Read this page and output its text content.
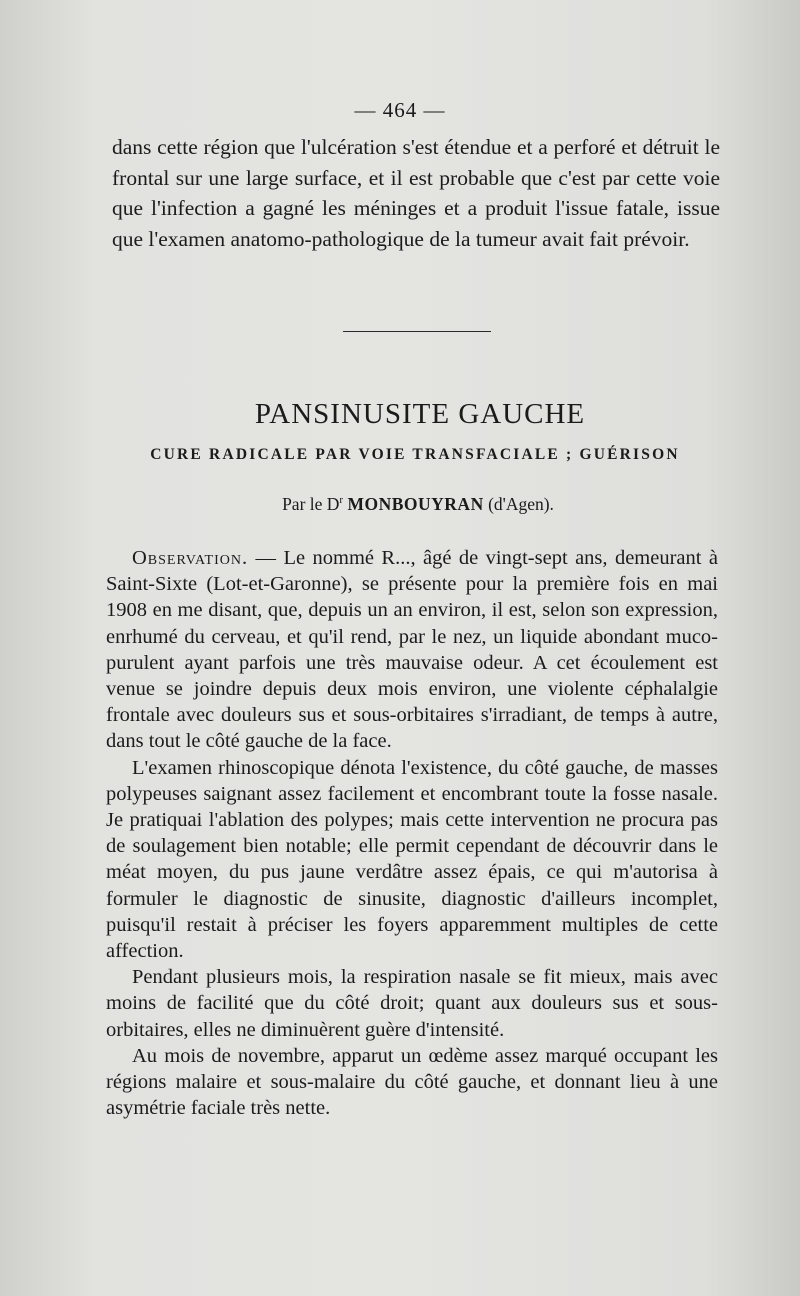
— 464 —

dans cette région que l'ulcération s'est étendue et a perforé et détruit le frontal sur une large surface, et il est probable que c'est par cette voie que l'infection a gagné les méninges et a produit l'issue fatale, issue que l'examen anatomo-pathologique de la tumeur avait fait prévoir.

PANSINUSITE GAUCHE
CURE RADICALE PAR VOIE TRANSFACIALE ; GUÉRISON
Par le $D^r$ MONBOUYRAN (d'Agen).

Observation. — Le nommé R..., âgé de vingt-sept ans, demeurant à Saint-Sixte (Lot-et-Garonne), se présente pour la première fois en mai 1908 en me disant, que, depuis un an environ, il est, selon son expression, enrhumé du cerveau, et qu'il rend, par le nez, un liquide abondant muco-purulent ayant parfois une très mauvaise odeur. A cet écoulement est venue se joindre depuis deux mois environ, une violente céphalalgie frontale avec douleurs sus et sous-orbitaires s'irradiant, de temps à autre, dans tout le côté gauche de la face.

L'examen rhinoscopique dénota l'existence, du côté gauche, de masses polypeuses saignant assez facilement et encombrant toute la fosse nasale. Je pratiquai l'ablation des polypes; mais cette intervention ne procura pas de soulagement bien notable; elle permit cependant de découvrir dans le méat moyen, du pus jaune verdâtre assez épais, ce qui m'autorisa à formuler le diagnostic de sinusite, diagnostic d'ailleurs incomplet, puisqu'il restait à préciser les foyers apparemment multiples de cette affection.

Pendant plusieurs mois, la respiration nasale se fit mieux, mais avec moins de facilité que du côté droit; quant aux douleurs sus et sous-orbitaires, elles ne diminuèrent guère d'intensité.

Au mois de novembre, apparut un œdème assez marqué occupant les régions malaire et sous-malaire du côté gauche, et donnant lieu à une asymétrie faciale très nette.
